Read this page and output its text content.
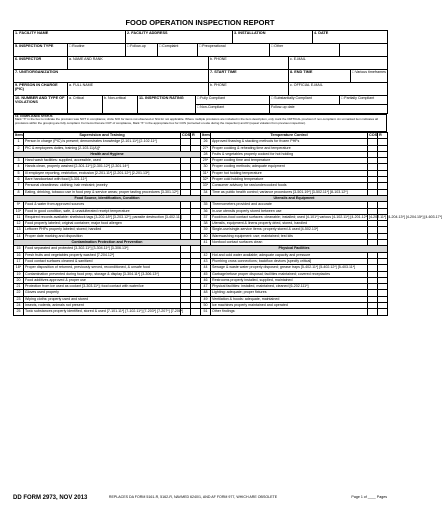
FOOD OPERATION INSPECTION REPORT
1. FACILITY NAME	2. FACILITY ADDRESS	3. INSTALLATION	4. DATE
5. INSPECTION TYPE	□Routine	□Follow-up	□Complaint	□Preoperational	□Other	
6. INSPECTOR	a. NAME AND RANK	b. PHONE	c. E-MAIL
7. UNIT/ORGANIZATION	7. START TIME	8. END TIME	□Various timeframes
9. PERSON IN CHARGE (PIC)	a. FULL NAME	b. PHONE	c. OFFICIAL E-MAIL
10. NUMBER AND TYPE OF VIOLATIONS	a. Critical	b. Non-critical	11. INSPECTION RATING	□ Fully Compliant	□ Substantially Compliant	□ Partially Compliant
				□ Non-Compliant	Follow-up date	
12. COMPLIANCE STATUS
Mark "X" in the box to indicate the provision was NOT in compliance; circle N/O for items not observed or N/A for not applicable. Where multiple provisions are included in the item description, only mark the CRITICAL provision if non-compliant. An unmarked item indicates all provisions within the grouping are fully compliant. For items that are OUT of compliance, Mark "X" in the appropriate box for COS (corrected on-site during the inspection) and R (repeat violation from previous inspection).
Item	Supervision and Training	COS	R	Item	Temperature Control	COS	R
1	Person in charge (PIC) is present; demonstrates knowledge [2-101.11*] [2-102.11*]			26	Approved thawing & stacking methods for frozen PHFs		
2	PIC & employees duties, training [2-103.11(A)]*			27*	Proper cooking & reheating time and temperature		
Health and Hygiene				28	Fruits & vegetables properly cooked for hot holding		
3	Hand wash facilities: supplied, accessible, used			29*	Proper cooling time and temperature		
4	Hands clean, properly washed [2-301.11*] [2-301.12*] [2-301.14*]			30	Proper cooling methods; adequate equipment		
5	Ill employee reporting, restriction, exclusion [2-201.11*] [2-201.12*] [2-201.13*]			31*	Proper hot holding temperature		
6	Bare handcontact with food [3-301.11*]			32*	Proper cold holding temperature		
7	Personal cleanliness: clothing; hair restraint; jewelry			33*	Consumer advisory for raw/undercooked foods		
8	Eating, drinking, tobacco use in food prep & service areas; proper tasting procedures [3-301.12*]			34	Time as public health control; variance procedures [3-501.19*] [3-502.11*] [8-103.12*]		
Food Source, Identification, Condition				Utensils and Equipment			
9*	Food & water from approved sources			35	Thermometers provided and accurate		
10*	Food in good condition, safe, & unadulterated receipt temperature			36	In-use utensils properly stored between use		
11	Required records available: shellstock tags [3-202.18*] [3-203.12*]; parasite destruction [3-402.11*]			37	Food/non-food contact surfaces: cleanable; installed; used [4-101*] various [4-102.11*] [4-201.12*] [4-202.11*] [4-204.13*] [4-204.15*] [4-603.17*]		
12	Food properly labeled; original container; major food allergen			38	Utensils, equipment & linens properly dried, stored, handled		
13	Leftover PHFs properly labeled; stored; handled			39	Single-use/single-service items: properly stored & used [4-502.13*]		
14	Proper date marking and disposition			40	Warewashing equipment: use; maintained; test kits		
Contamination Protection and Prevention				41	Nonfood contact surfaces clean		
15	Food separated and protected [3-302.11*] [3-304.11*] [3-306.13*]			Physical Facilities			
16	Fresh fruits and vegetables properly washed [7-204.12*]			42	Hot and cold water available; adequate capacity and pressure		
17	Food contact surfaces cleaned & sanitized			43	Plumbing cross connections; backflow devices [specify critical]		
18*	Proper disposition of returned, previously served, reconditioned, & unsafe food			44	Sewage & waste water properly disposed; grease traps [5-402.11*] [5-402.12*] [5-403.11*]		
19	Contamination prevented during food prep, storage & display [3-304.11*] [3-306.13*]			45	Garbage/refuse proper disposal; facilities maintained; covered receptacles		
20	Food additives approved & proper use			46	Restrooms properly installed, supplied, maintained		
21	Protection from ice used as coolant [3-303.11*]; food contact with water/ice			47	Physical facilities: installed, maintained, cleaned [6-202.111*]		
22	Gloves used properly			48	Lighting: adequate; proper fixtures		
23	Wiping cloths: properly used and stored			49	Ventilation & hoods: adequate, maintained		
24	Insects, rodents, animals not present			50	Ice machines properly maintained and operated		
25	Toxic substances properly identified, stored & used [7-101.11*] [7-102.11*] [7-203*] [7-207*] [7-208*]			51	Other findings:		
DD FORM 2973, NOV 2013	REPLACES DA FORM 5161-R, 5162-R, NAVMED 6240/1, AND AF FORM 977, WHICH ARE OBSOLETE	Page 1 of ____ Pages
